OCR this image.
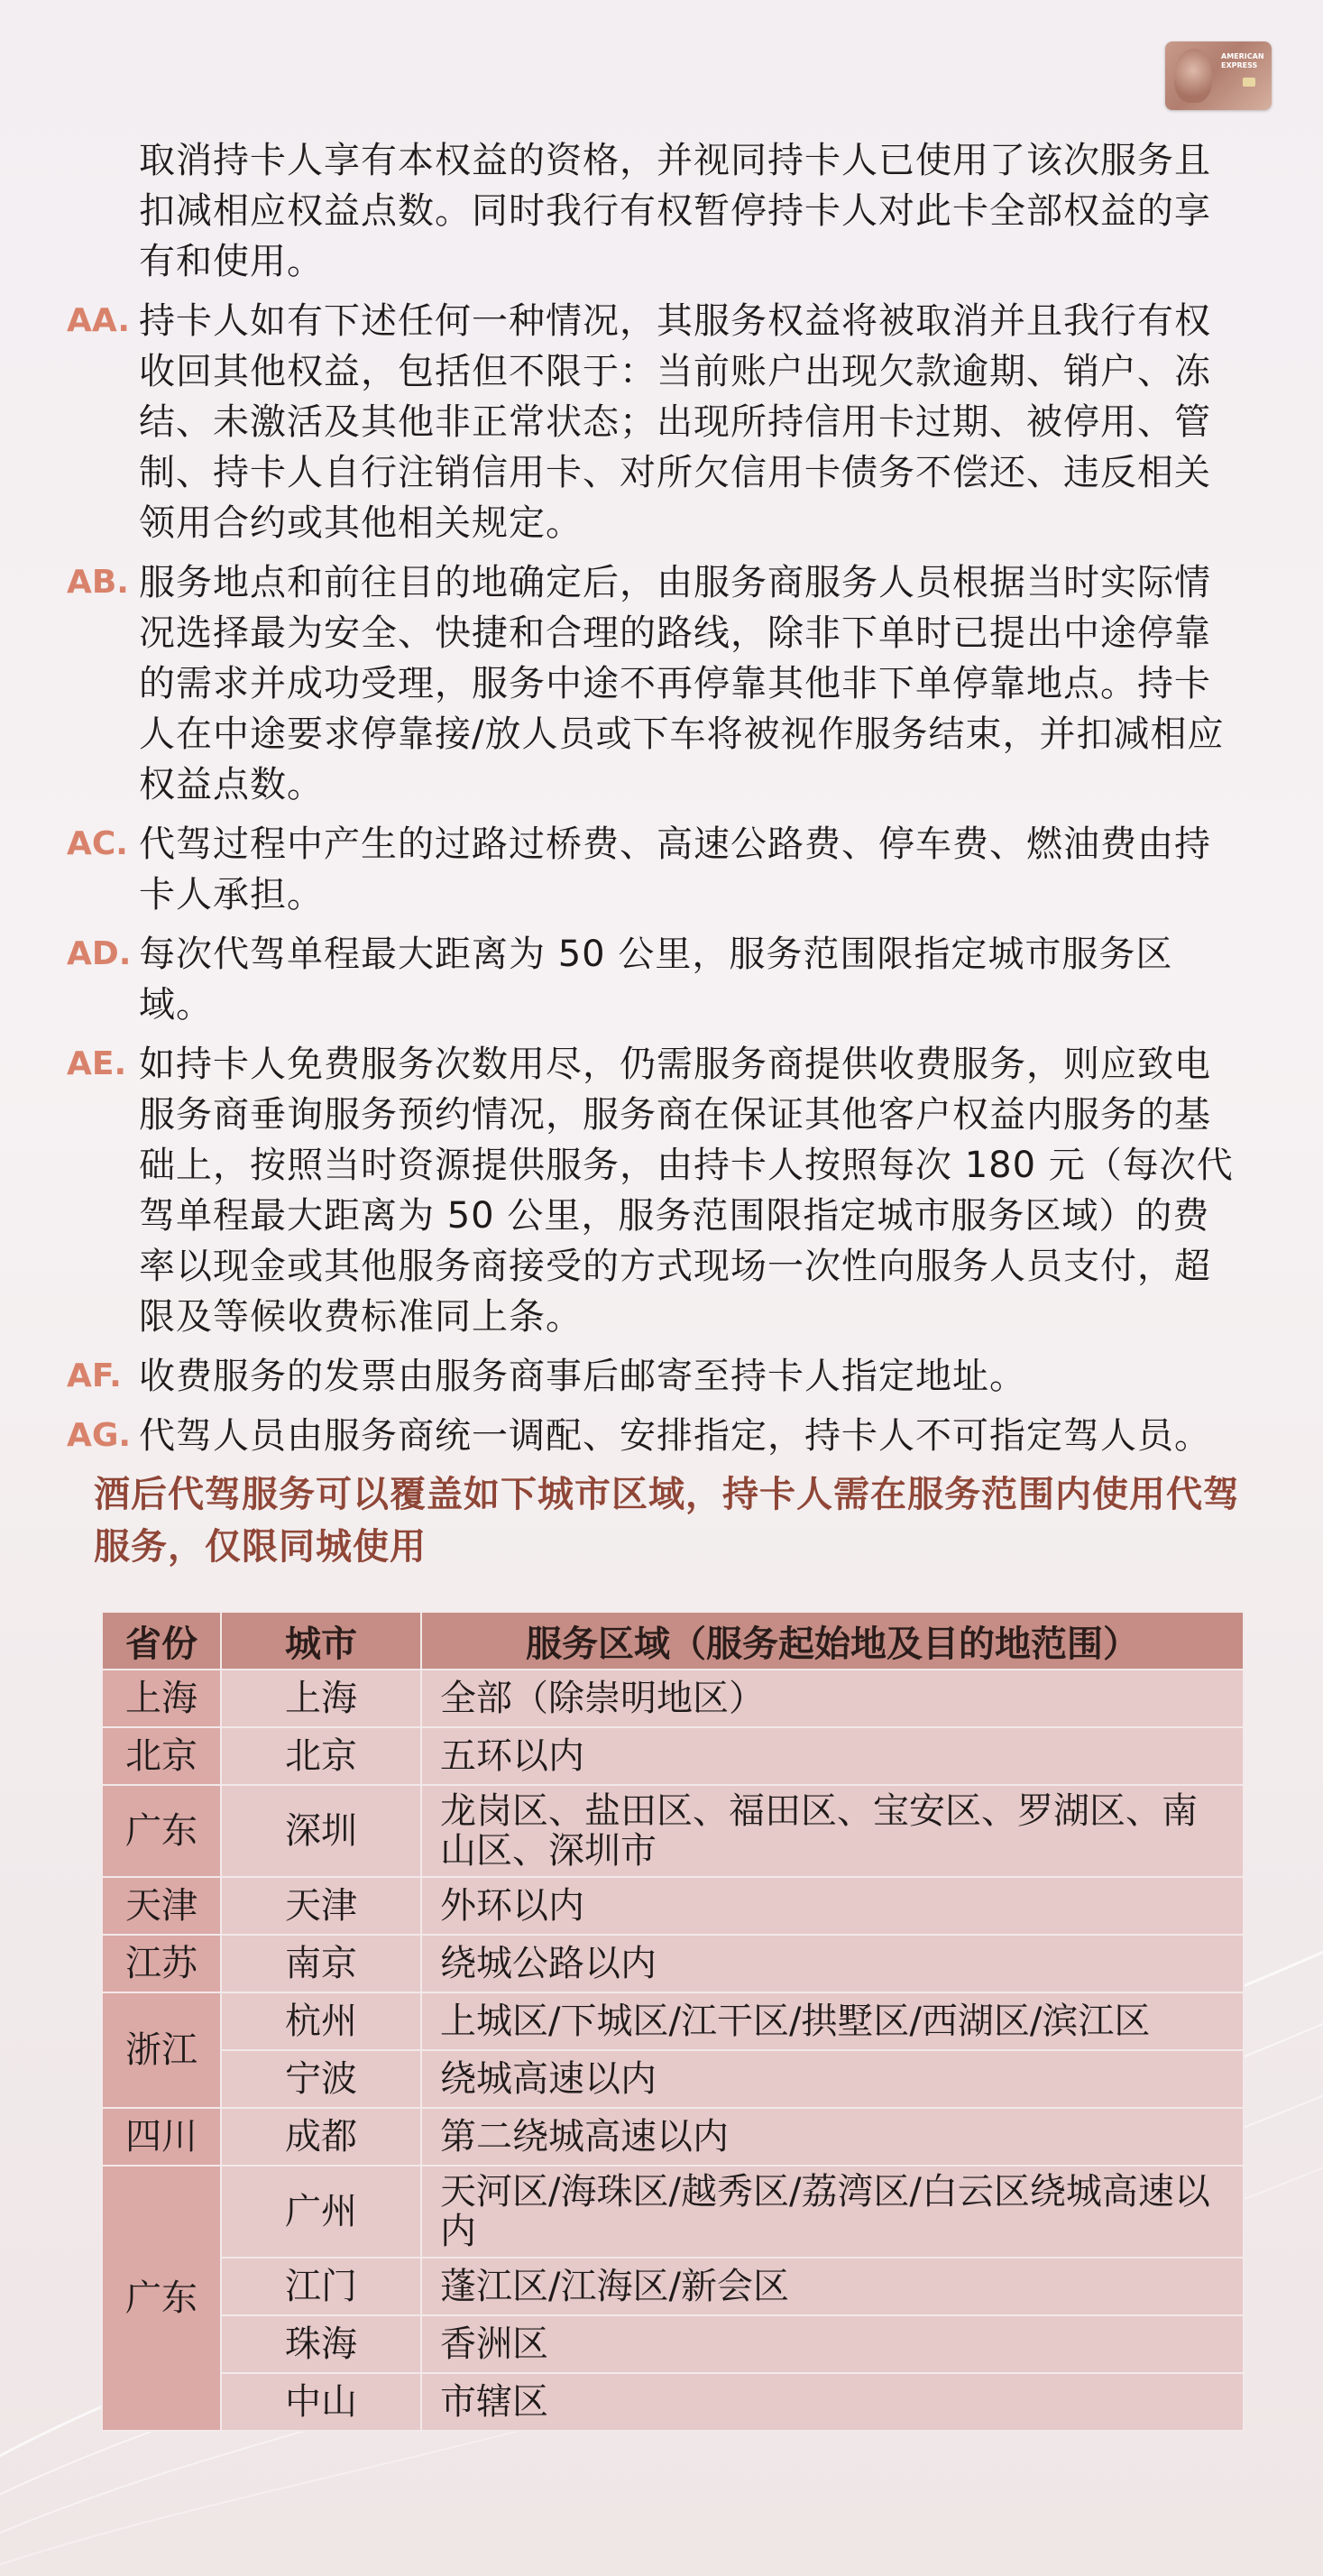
AMERICAN
EXPRESS

取消持卡人享有本权益的资格，并视同持卡人已使用了该次服务且扣减相应权益点数。同时我行有权暂停持卡人对此卡全部权益的享有和使用。

AA. 持卡人如有下述任何一种情况，其服务权益将被取消并且我行有权收回其他权益，包括但不限于：当前账户出现欠款逾期、销户、冻结、未激活及其他非正常状态；出现所持信用卡过期、被停用、管制、持卡人自行注销信用卡、对所欠信用卡债务不偿还、违反相关领用合约或其他相关规定。

AB. 服务地点和前往目的地确定后，由服务商服务人员根据当时实际情况选择最为安全、快捷和合理的路线，除非下单时已提出中途停靠的需求并成功受理，服务中途不再停靠其他非下单停靠地点。持卡人在中途要求停靠接/放人员或下车将被视作服务结束，并扣减相应权益点数。

AC. 代驾过程中产生的过路过桥费、高速公路费、停车费、燃油费由持卡人承担。

AD. 每次代驾单程最大距离为 50 公里，服务范围限指定城市服务区域。

AE. 如持卡人免费服务次数用尽，仍需服务商提供收费服务，则应致电服务商垂询服务预约情况，服务商在保证其他客户权益内服务的基础上，按照当时资源提供服务，由持卡人按照每次 180 元（每次代驾单程最大距离为 50 公里，服务范围限指定城市服务区域）的费率以现金或其他服务商接受的方式现场一次性向服务人员支付，超限及等候收费标准同上条。

AF. 收费服务的发票由服务商事后邮寄至持卡人指定地址。

AG. 代驾人员由服务商统一调配、安排指定，持卡人不可指定驾人员。

酒后代驾服务可以覆盖如下城市区域，持卡人需在服务范围内使用代驾服务，仅限同城使用
省份	城市	服务区域（服务起始地及目的地范围）
上海	上海	全部（除崇明地区）
北京	北京	五环以内
广东	深圳	龙岗区、盐田区、福田区、宝安区、罗湖区、南山区、深圳市
天津	天津	外环以内
江苏	南京	绕城公路以内
浙江	杭州	上城区/下城区/江干区/拱墅区/西湖区/滨江区
	宁波	绕城高速以内
四川	成都	第二绕城高速以内
广东	广州	天河区/海珠区/越秀区/荔湾区/白云区绕城高速以内
	江门	蓬江区/江海区/新会区
	珠海	香洲区
	中山	市辖区
